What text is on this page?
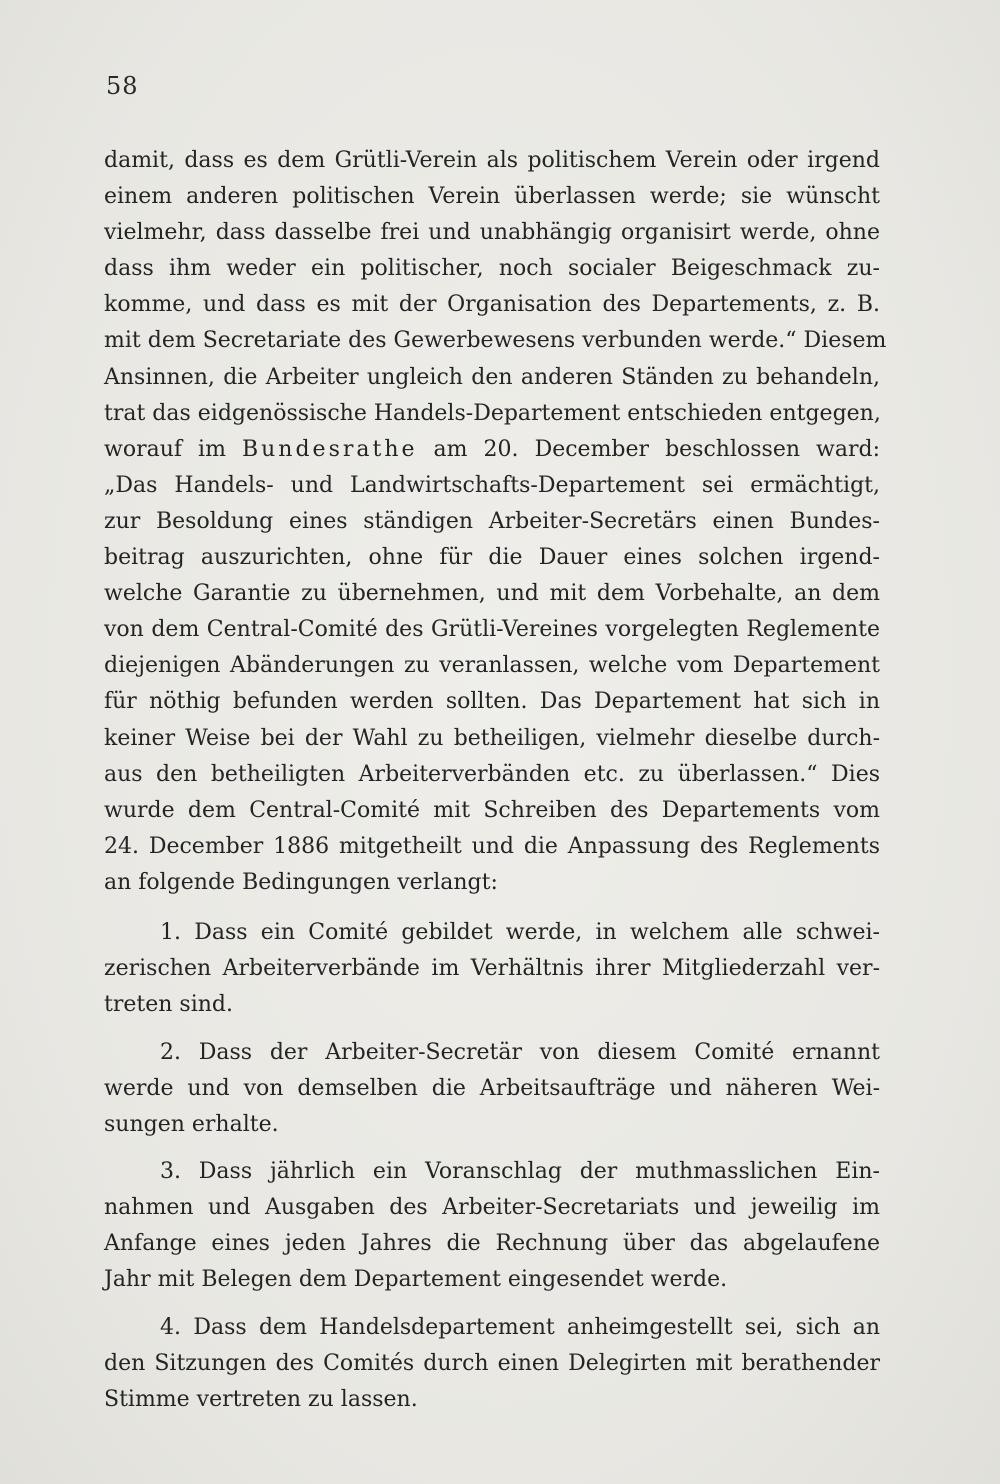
58
damit, dass es dem Grütli-Verein als politischem Verein oder irgend
einem anderen politischen Verein überlassen werde; sie wünscht
vielmehr, dass dasselbe frei und unabhängig organisirt werde, ohne
dass ihm weder ein politischer, noch socialer Beigeschmack zu-
komme, und dass es mit der Organisation des Departements, z. B.
mit dem Secretariate des Gewerbewesens verbunden werde.“ Diesem
Ansinnen, die Arbeiter ungleich den anderen Ständen zu behandeln,
trat das eidgenössische Handels-Departement entschieden entgegen,
worauf im Bundesrathe am 20. December beschlossen ward:
„Das Handels- und Landwirtschafts-Departement sei ermächtigt,
zur Besoldung eines ständigen Arbeiter-Secretärs einen Bundes-
beitrag auszurichten, ohne für die Dauer eines solchen irgend-
welche Garantie zu übernehmen, und mit dem Vorbehalte, an dem
von dem Central-Comité des Grütli-Vereines vorgelegten Reglemente
diejenigen Abänderungen zu veranlassen, welche vom Departement
für nöthig befunden werden sollten. Das Departement hat sich in
keiner Weise bei der Wahl zu betheiligen, vielmehr dieselbe durch-
aus den betheiligten Arbeiterverbänden etc. zu überlassen.“ Dies
wurde dem Central-Comité mit Schreiben des Departements vom
24. December 1886 mitgetheilt und die Anpassung des Reglements
an folgende Bedingungen verlangt:
1. Dass ein Comité gebildet werde, in welchem alle schwei-
zerischen Arbeiterverbände im Verhältnis ihrer Mitgliederzahl ver-
treten sind.
2. Dass der Arbeiter-Secretär von diesem Comité ernannt
werde und von demselben die Arbeitsaufträge und näheren Wei-
sungen erhalte.
3. Dass jährlich ein Voranschlag der muthmasslichen Ein-
nahmen und Ausgaben des Arbeiter-Secretariats und jeweilig im
Anfange eines jeden Jahres die Rechnung über das abgelaufene
Jahr mit Belegen dem Departement eingesendet werde.
4. Dass dem Handelsdepartement anheimgestellt sei, sich an
den Sitzungen des Comités durch einen Delegirten mit berathender
Stimme vertreten zu lassen.
